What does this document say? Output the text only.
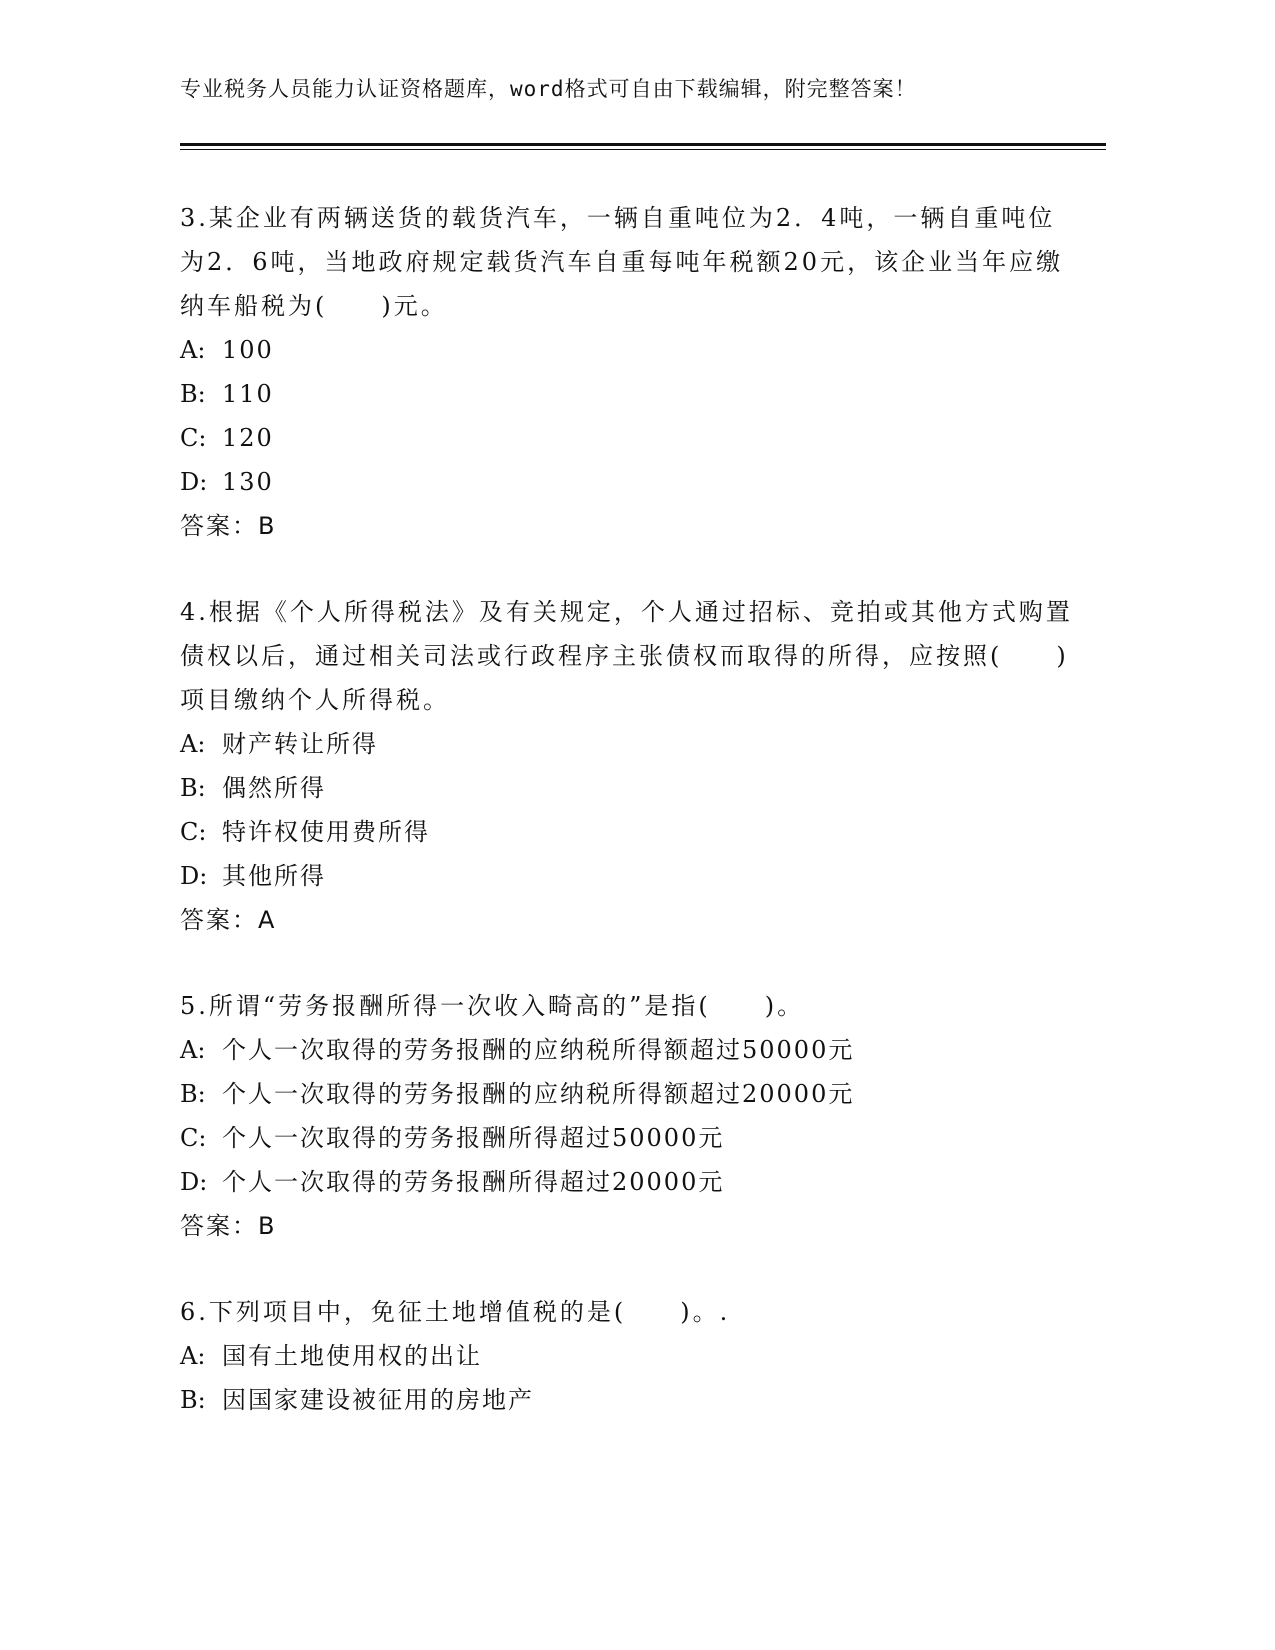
专业税务人员能力认证资格题库，word格式可自由下载编辑，附完整答案！

3.某企业有两辆送货的载货汽车，一辆自重吨位为2．4吨，一辆自重吨位为2．6吨，当地政府规定载货汽车自重每吨年税额20元，该企业当年应缴纳车船税为(　　)元。

A: 100

B: 110

C: 120

D: 130

答案：B

4.根据《个人所得税法》及有关规定，个人通过招标、竞拍或其他方式购置债权以后，通过相关司法或行政程序主张债权而取得的所得，应按照(　　)项目缴纳个人所得税。

A: 财产转让所得

B: 偶然所得

C: 特许权使用费所得

D: 其他所得

答案：A

5.所谓“劳务报酬所得一次收入畸高的”是指(　　)。

A: 个人一次取得的劳务报酬的应纳税所得额超过50000元

B: 个人一次取得的劳务报酬的应纳税所得额超过20000元

C: 个人一次取得的劳务报酬所得超过50000元

D: 个人一次取得的劳务报酬所得超过20000元

答案：B

6.下列项目中，免征土地增值税的是(　　)。.

A: 国有土地使用权的出让

B: 因国家建设被征用的房地产
